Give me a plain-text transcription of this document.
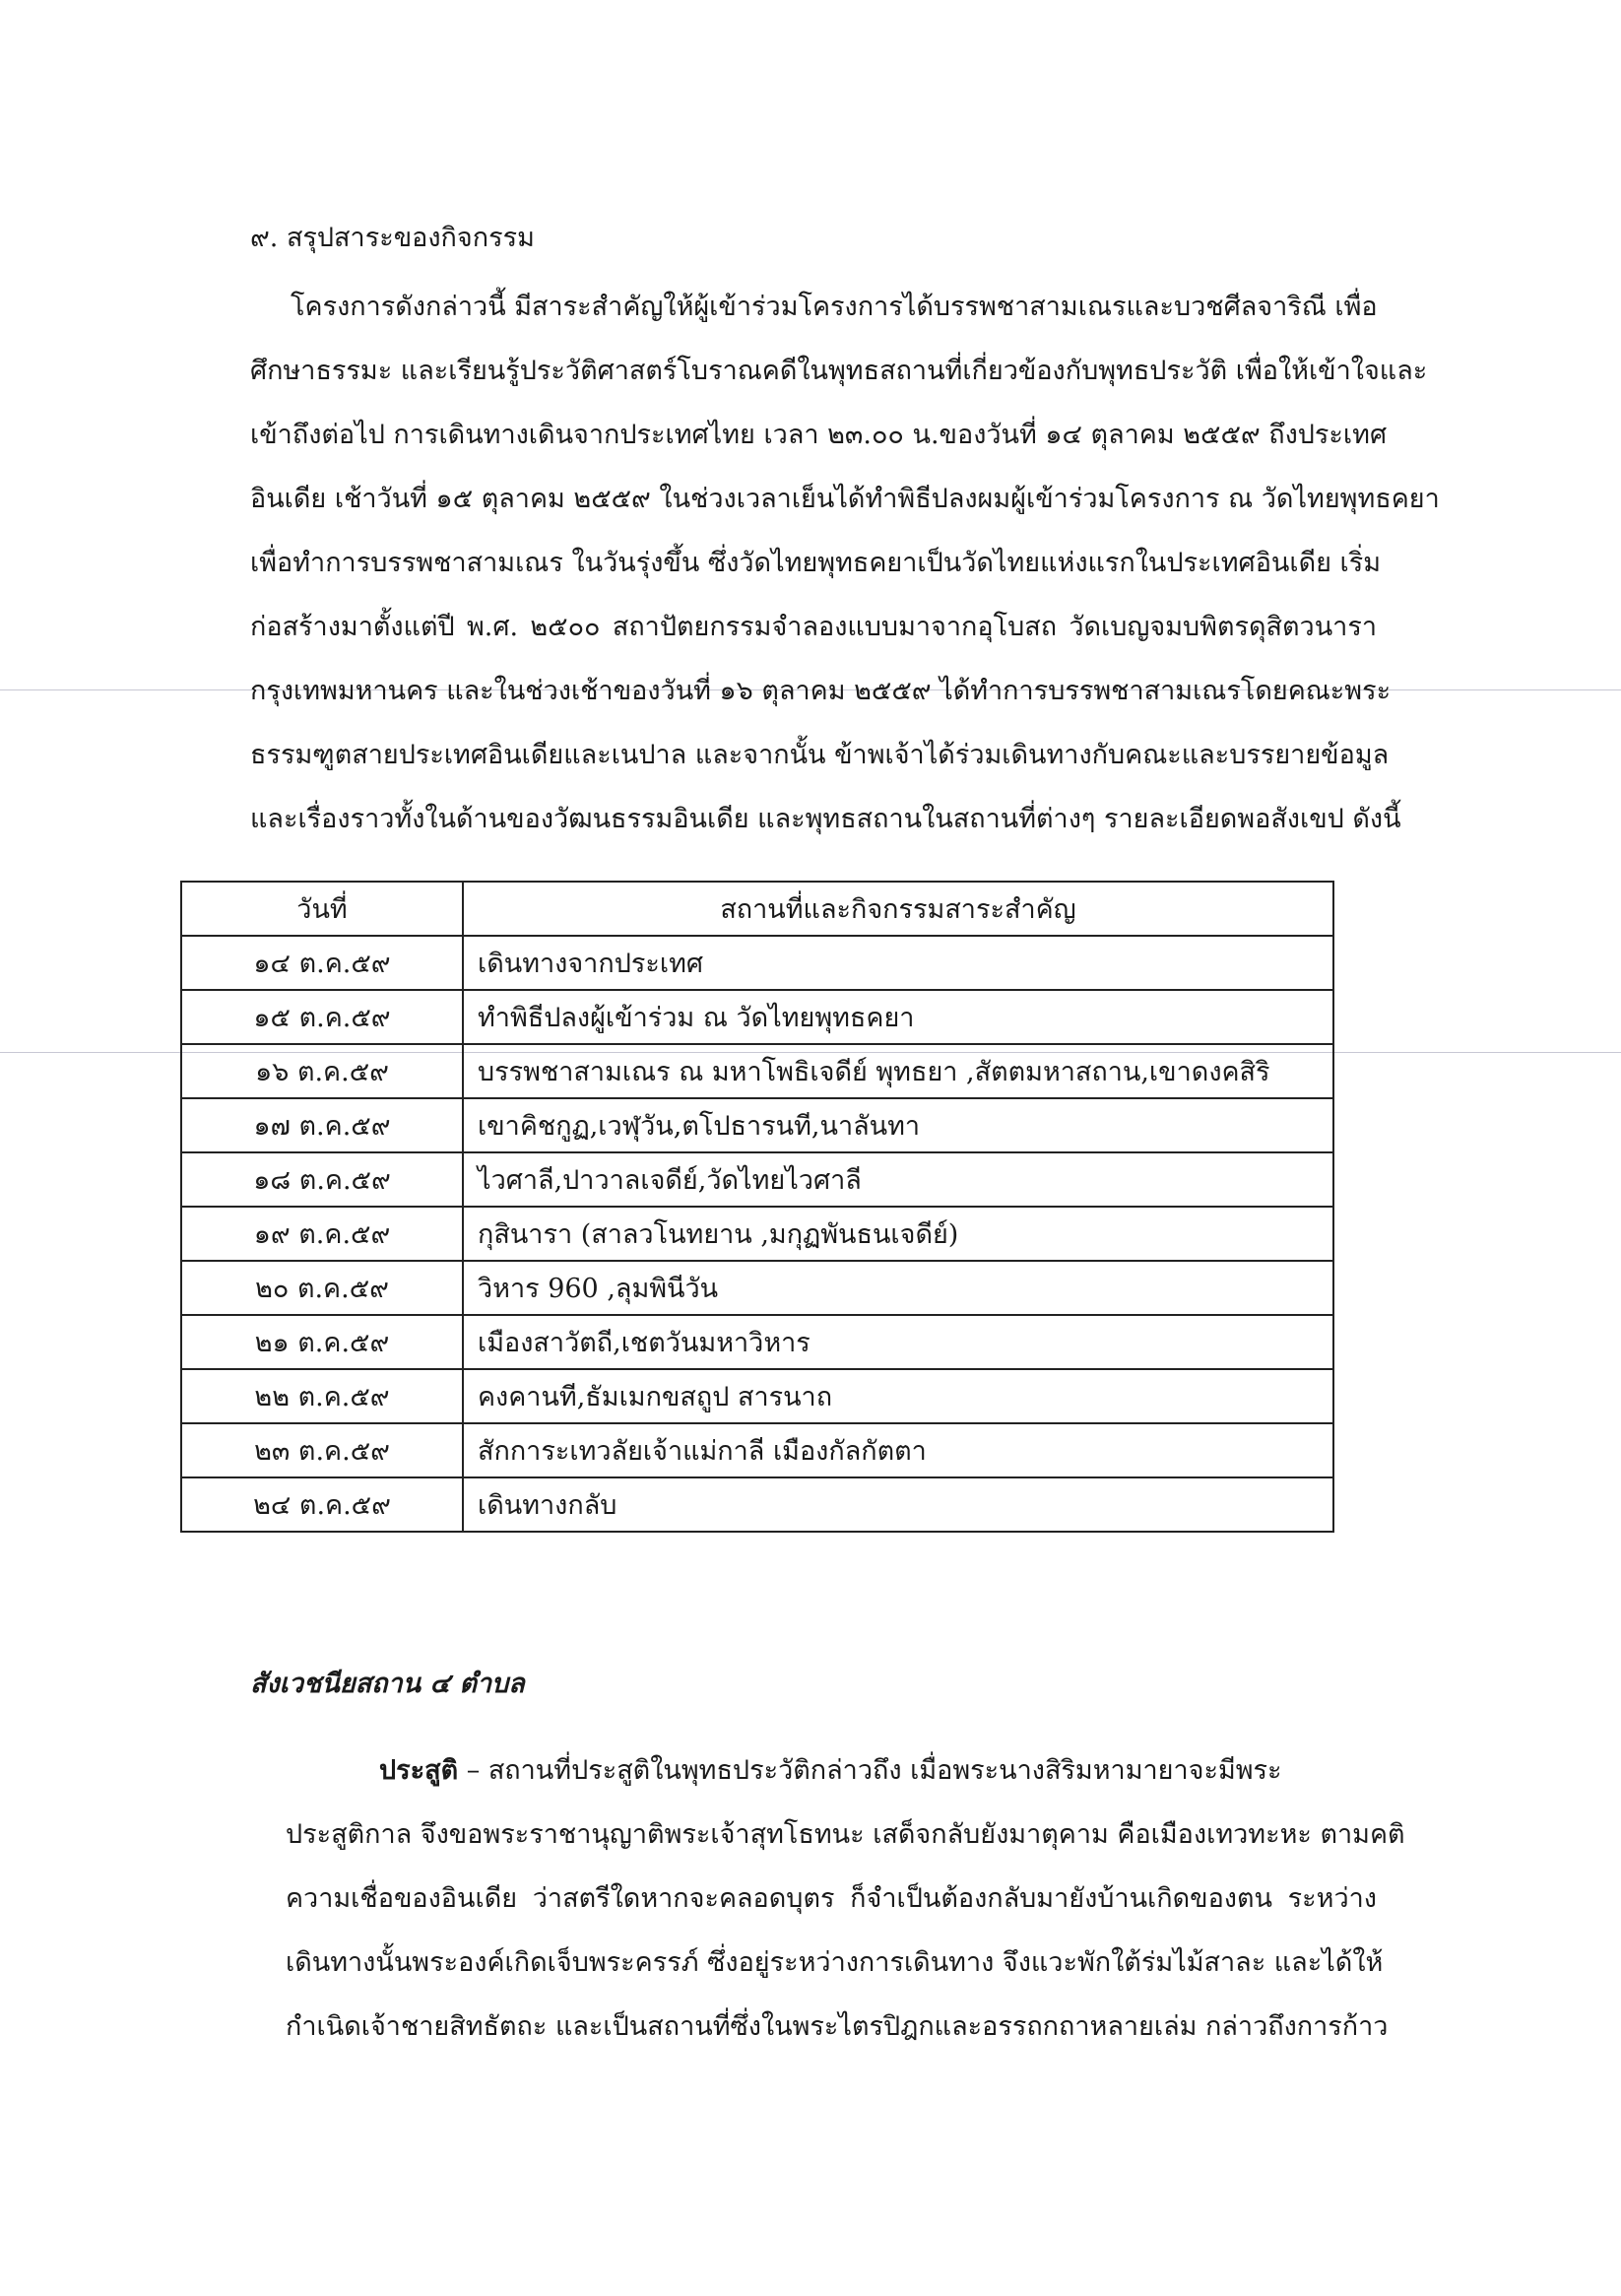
๙. สรุปสาระของกิจกรรม
โครงการดังกล่าวนี้ มีสาระสำคัญให้ผู้เข้าร่วมโครงการได้บรรพชาสามเณรและบวชศีลจาริณี เพื่อ
ศึกษาธรรมะ และเรียนรู้ประวัติศาสตร์โบราณคดีในพุทธสถานที่เกี่ยวข้องกับพุทธประวัติ เพื่อให้เข้าใจและ
เข้าถึงต่อไป การเดินทางเดินจากประเทศไทย เวลา ๒๓.๐๐ น.ของวันที่ ๑๔ ตุลาคม ๒๕๕๙ ถึงประเทศ
อินเดีย เช้าวันที่ ๑๕ ตุลาคม ๒๕๕๙ ในช่วงเวลาเย็นได้ทำพิธีปลงผมผู้เข้าร่วมโครงการ ณ วัดไทยพุทธคยา
เพื่อทำการบรรพชาสามเณร ในวันรุ่งขึ้น ซึ่งวัดไทยพุทธคยาเป็นวัดไทยแห่งแรกในประเทศอินเดีย เริ่ม
ก่อสร้างมาตั้งแต่ปี พ.ศ. ๒๕๐๐ สถาปัตยกรรมจำลองแบบมาจากอุโบสถ วัดเบญจมบพิตรดุสิตวนารา
กรุงเทพมหานคร และในช่วงเช้าของวันที่ ๑๖ ตุลาคม ๒๕๕๙ ได้ทำการบรรพชาสามเณรโดยคณะพระ
ธรรมฑูตสายประเทศอินเดียและเนปาล และจากนั้น ข้าพเจ้าได้ร่วมเดินทางกับคณะและบรรยายข้อมูล
และเรื่องราวทั้งในด้านของวัฒนธรรมอินเดีย และพุทธสถานในสถานที่ต่างๆ รายละเอียดพอสังเขป ดังนี้
วันที่	สถานที่และกิจกรรมสาระสำคัญ
๑๔ ต.ค.๕๙	เดินทางจากประเทศ
๑๕ ต.ค.๕๙	ทำพิธีปลงผู้เข้าร่วม ณ วัดไทยพุทธคยา
๑๖ ต.ค.๕๙	บรรพชาสามเณร ณ มหาโพธิเจดีย์ พุทธยา ,สัตตมหาสถาน,เขาดงคสิริ
๑๗ ต.ค.๕๙	เขาคิชกูฏ,เวฬุวัน,ตโปธารนที,นาลันทา
๑๘ ต.ค.๕๙	ไวศาลี,ปาวาลเจดีย์,วัดไทยไวศาลี
๑๙ ต.ค.๕๙	กุสินารา (สาลวโนทยาน ,มกุฏพันธนเจดีย์)
๒๐ ต.ค.๕๙	วิหาร 960 ,ลุมพินีวัน
๒๑ ต.ค.๕๙	เมืองสาวัตถี,เชตวันมหาวิหาร
๒๒ ต.ค.๕๙	คงคานที,ธัมเมกขสถูป สารนาถ
๒๓ ต.ค.๕๙	สักการะเทวลัยเจ้าแม่กาลี เมืองกัลกัตตา
๒๔ ต.ค.๕๙	เดินทางกลับ
สังเวชนียสถาน ๔ ตำบล
ประสูติ – สถานที่ประสูติในพุทธประวัติกล่าวถึง เมื่อพระนางสิริมหามายาจะมีพระ
ประสูติกาล จึงขอพระราชานุญาติพระเจ้าสุทโธทนะ เสด็จกลับยังมาตุคาม คือเมืองเทวทะหะ ตามคติ
ความเชื่อของอินเดีย ว่าสตรีใดหากจะคลอดบุตร ก็จำเป็นต้องกลับมายังบ้านเกิดของตน ระหว่าง
เดินทางนั้นพระองค์เกิดเจ็บพระครรภ์ ซึ่งอยู่ระหว่างการเดินทาง จึงแวะพักใต้ร่มไม้สาละ และได้ให้
กำเนิดเจ้าชายสิทธัตถะ และเป็นสถานที่ซึ่งในพระไตรปิฎกและอรรถกถาหลายเล่ม กล่าวถึงการก้าว
